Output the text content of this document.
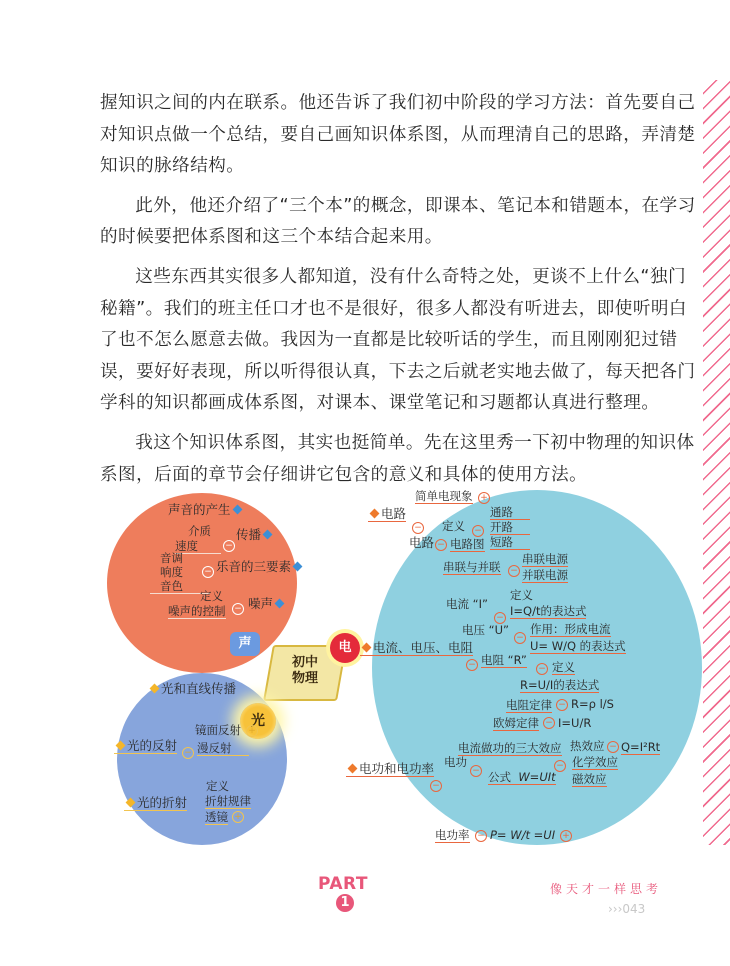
握知识之间的内在联系。他还告诉了我们初中阶段的学习方法：首先要自己对知识点做一个总结，要自己画知识体系图，从而理清自己的思路，弄清楚知识的脉络结构。

此外，他还介绍了“三个本”的概念，即课本、笔记本和错题本，在学习的时候要把体系图和这三个本结合起来用。

这些东西其实很多人都知道，没有什么奇特之处，更谈不上什么“独门秘籍”。我们的班主任口才也不是很好，很多人都没有听进去，即使听明白了也不怎么愿意去做。我因为一直都是比较听话的学生，而且刚刚犯过错误，要好好表现，所以听得很认真，下去之后就老实地去做了，每天把各门学科的知识都画成体系图，对课本、课堂笔记和习题都认真进行整理。

我这个知识体系图，其实也挺简单。先在这里秀一下初中物理的知识体系图，后面的章节会仔细讲它包含的意义和具体的使用方法。

初中
物理
声
光
电
声音的产生
介质
速度	−
传播
音调
响度
音色
− 乐音的三要素
定义
噪声的控制 − 噪声
光和直线传播
镜面反射 +
光的反射 − 漫反射
定义
折射规律
光的折射
透镜 +
简单电现象 +
电路
−
通路
定义 − 开路
短路
电路 − 电路图
串联与并联 −
串联电源
并联电源
定义
电流 “I”
− I=Q/t的表达式
电流、电压、电阻
电压 “U”
−
作用：形成电流
U= W/Q 的表达式
− 电阻 “R”
− 定义
R=U/I的表达式
电阻定律 − R=ρ l/S
欧姆定律 − I=U/R
电流做功的三大效应 热效应 − Q=I²Rt
− 化学效应
磁效应
电功
−
电功和电功率
−
公式 W=UIt
电功率 − P= W/t =UI +
PART
1
像天才一样思考
›››043
